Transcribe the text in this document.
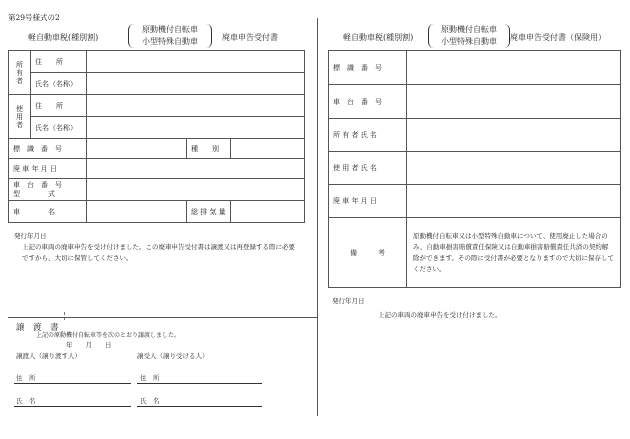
第29号様式の2
軽自動車税(種別割)
原動機付自転車
小型特殊自動車	廃車申告受付書
所有者	住　　所			
	氏名（名称）			
使用者	住　　所			
	氏名（名称）			
標　識　番　号			種　　別	
廃 車 年 月 日				

車　台　番　号
型　　　　式				

車　　　　名			総 排 気 量	
発行年月日
上記の車両の廃車申告を受け付けました。この廃車申告受付書は譲渡又は再登録する際に必要ですから、大切に保管してください。
譲　渡　書
上記の原動機付自転車等を次のとおり譲渡しました。
年　　月　　日
譲渡人（譲り渡す人）	譲受人（譲り受ける人）
住　所	住　所
氏　名	氏　名
軽自動車税(種別割)
原動機付自転車
小型特殊自動車	廃車申告受付書（保険用）
標　識　番　号	
車　台　番　号	
所 有 者 氏 名	
使 用 者 氏 名	
廃 車 年 月 日	
備　　　考	原動機付自転車又は小型特殊自動車について、使用廃止した場合のみ、自動車損害賠償責任保険又は自動車損害賠償責任共済の契約解除ができます。その際に受付書が必要となりますので大切に保存してください。
発行年月日
上記の車両の廃車申告を受け付けました。
